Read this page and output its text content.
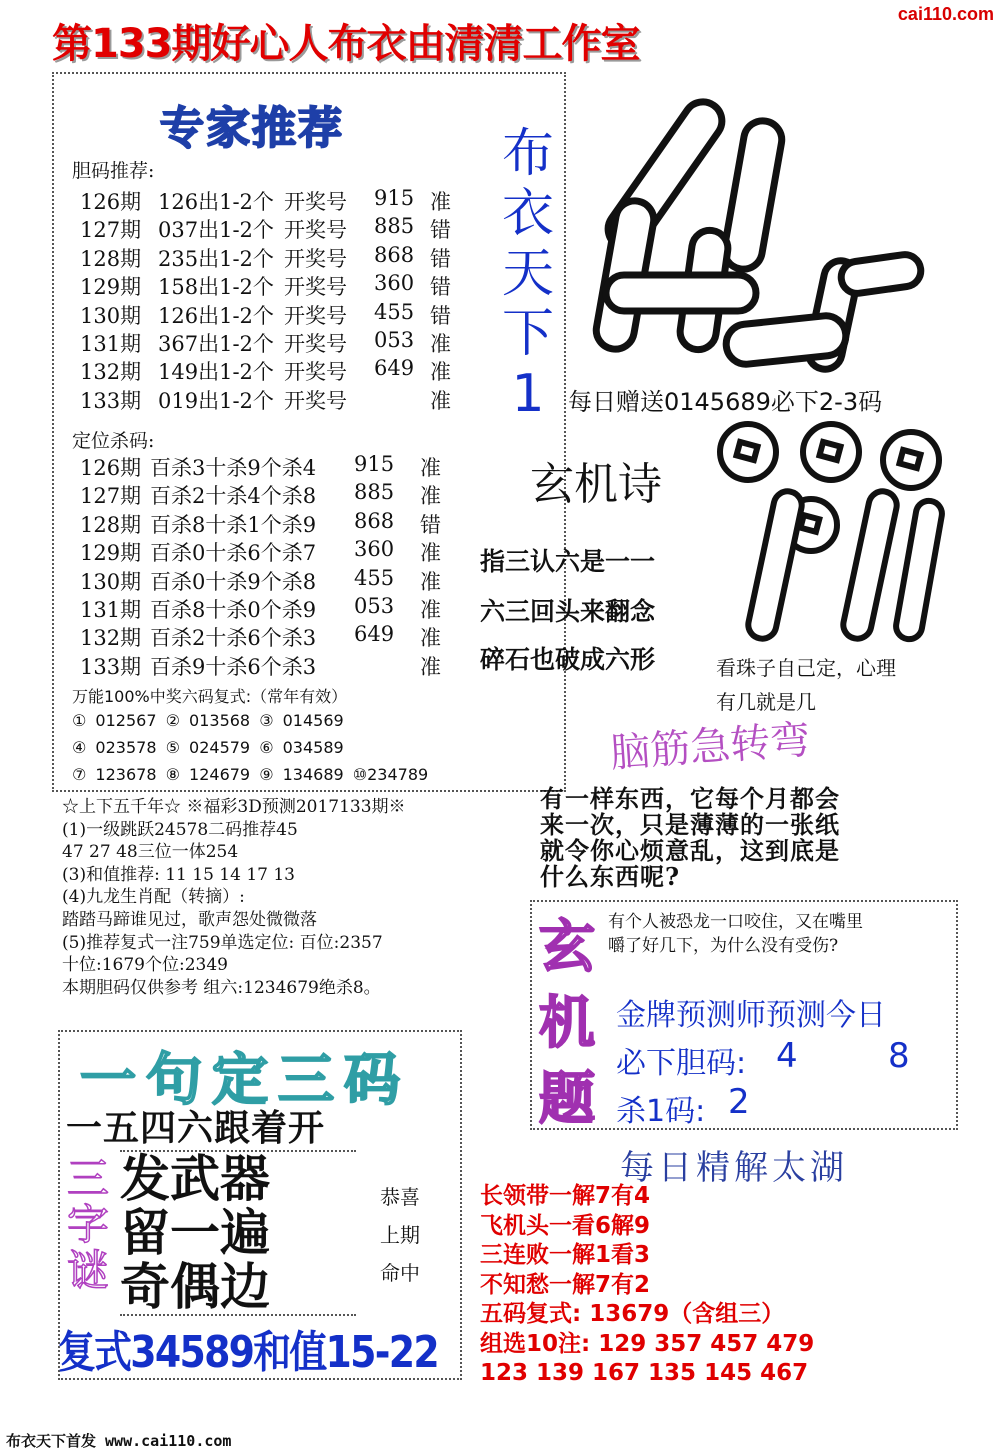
cai110.com
第133期好心人布衣由清清工作室
专家推荐
胆码推荐:
126期 126出1-2个 开奖号 915 准
127期 037出1-2个 开奖号 885 错
128期 235出1-2个 开奖号 868 错
129期 158出1-2个 开奖号 360 错
130期 126出1-2个 开奖号 455 错
131期 367出1-2个 开奖号 053 准
132期 149出1-2个 开奖号 649 准
133期 019出1-2个 开奖号	准
定位杀码:
126期 百杀3十杀9个杀4 915 准
127期 百杀2十杀4个杀8 885 准
128期 百杀8十杀1个杀9 868 错
129期 百杀0十杀6个杀7 360 准
130期 百杀0十杀9个杀8 455 准
131期 百杀8十杀0个杀9 053 准
132期 百杀2十杀6个杀3 649 准
133期 百杀9十杀6个杀3	准
万能100%中奖六码复式:（常年有效）
① 012567 ② 013568 ③ 014569
④ 023578 ⑤ 024579 ⑥ 034589
⑦ 123678 ⑧ 124679 ⑨ 134689 ⑩234789
☆上下五千年☆ ※福彩3D预测2017133期※
(1)一级跳跃24578二码推荐45
47 27 48三位一体254
(3)和值推荐: 11 15 14 17 13
(4)九龙生肖配（转摘）:
踏踏马蹄谁见过，歌声怨处微微落
(5)推荐复式一注759单选定位: 百位:2357
十位:1679个位:2349
本期胆码仅供参考 组六:1234679绝杀8。
布
衣
天
下
1 每日赠送0145689必下2-3码
玄机诗
指三认六是一一
六三回头来翻念
碎石也破成六形	看珠子自己定，心理
有几就是几
脑筋急转弯
有一样东西，它每个月都会
来一次，只是薄薄的一张纸
就令你心烦意乱，这到底是
什么东西呢?
玄
机
题
有个人被恐龙一口咬住，又在嘴里
嚼了好几下，为什么没有受伤?
金牌预测师预测今日
必下胆码: 4	8
杀1码: 2
一句定三码
一五四六跟着开
三
字
谜
发武器
留一遍
奇偶边
恭喜
上期
命中
复式34589和值15-22
每日精解太湖
长领带一解7有4
飞机头一看6解9
三连败一解1看3
不知愁一解7有2
五码复式: 13679（含组三）
组选10注: 129 357 457 479
123 139 167 135 145 467
布衣天下首发 www.cai110.com
